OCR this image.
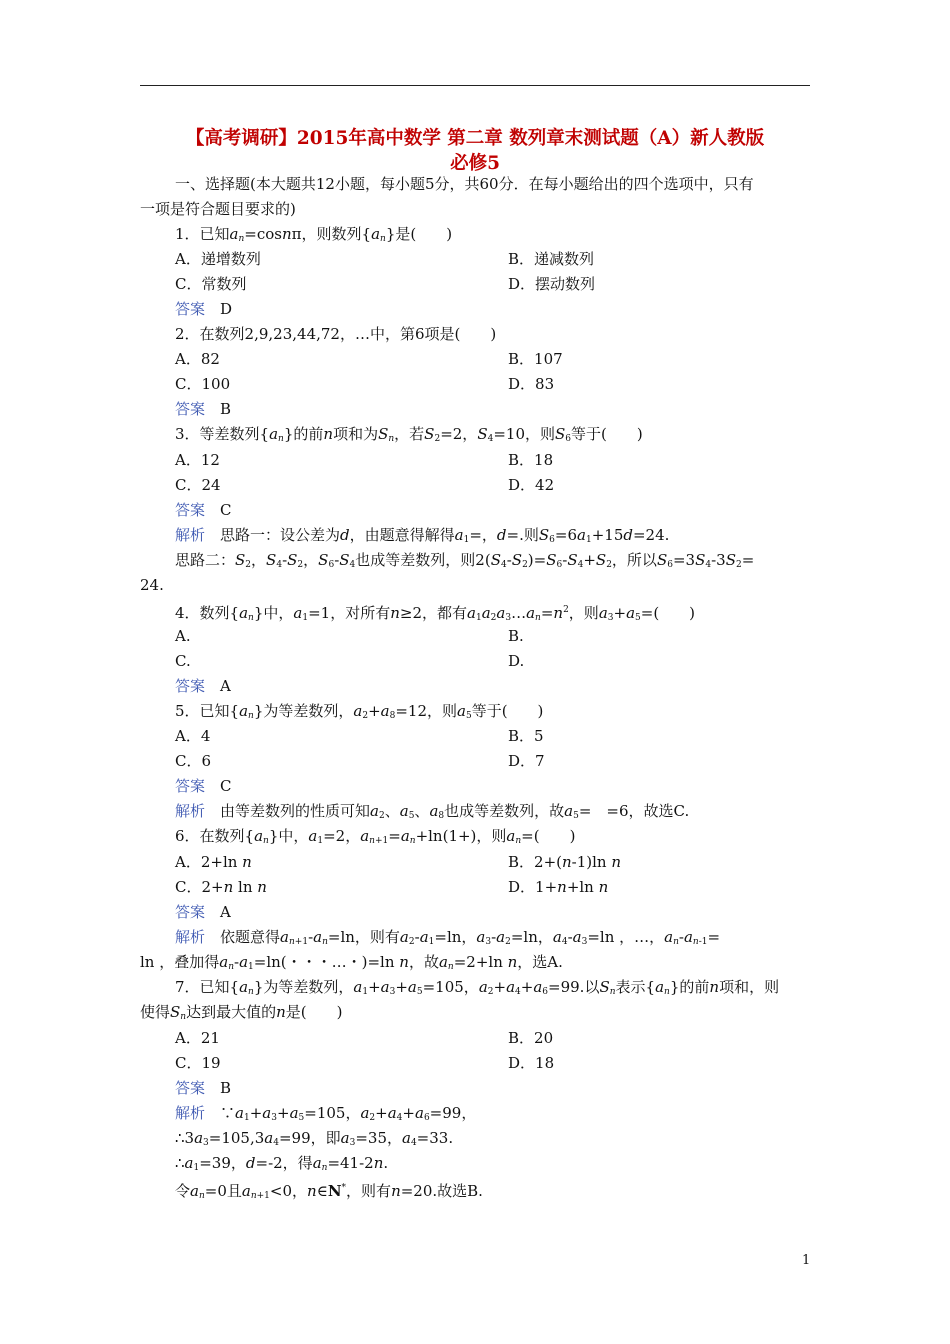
【高考调研】2015年高中数学 第二章 数列章末测试题（A）新人教版
必修5
一、选择题(本大题共12小题，每小题5分，共60分．在每小题给出的四个选项中，只有
一项是符合题目要求的)
1．已知$a_n=\cos n\pi$，则数列$\{a_n\}$是(　　)
A．递增数列	B．递减数列
C．常数列	D．摆动数列
答案　 D
2．在数列2,9,23,44,72，…中，第6项是(　　)
A．82	B．107
C．100	D．83
答案　 B
3．等差数列$\{a_n\}$的前n项和为$S_n$，若$S_2=2$，$S_4=10$，则$S_6$等于(　　)
A．12	B．18
C．24	D．42
答案　 C
解析　思路一：设公差为d，由题意得解得$a_1=$，d=.则$S_6=6a_1+15d=24$.
思路二：$S_2$，$S_4-S_2$，$S_6-S_4$也成等差数列，则$2(S_4-S_2)=S_6-S_4+S_2$，所以$S_6=3S_4-3S_2=$
24.
4．数列$\{a_n\}$中，$a_1=1$，对所有n≥2，都有$a_1a_2a_3\dots a_n=n^2$，则$a_3+a_5=$(　　)
A.	B.
C.	D.
答案　 A
5．已知$\{a_n\}$为等差数列，$a_2+a_8=12$，则$a_5$等于(　　)
A．4	B．5
C．6	D．7
答案　 C
解析　由等差数列的性质可知$a_2$、$a_5$、$a_8$也成等差数列，故$a_5=$　=6，故选C.
6．在数列$\{a_n\}$中，$a_1=2$，$a_{n+1}=a_n+\ln(1+)$，则$a_n=$(　　)
A．2+ln n	B．2+(n-1)ln n
C．2+n ln n	D．1+n+ln n
答案　 A
解析　依题意得$a_{n+1}-a_n=\ln$，则有$a_2-a_1=\ln$，$a_3-a_2=\ln$，$a_4-a_3=\ln$ ，…，$a_n-a_{n-1}=$
ln ，叠加得$a_n-a_1=\ln$(・・・…・)=ln n，故$a_n=2+\ln$ n，选A.
7．已知$\{a_n\}$为等差数列，$a_1+a_3+a_5=105$，$a_2+a_4+a_6=99$.以$S_n$表示$\{a_n\}$的前n项和，则
使得$S_n$达到最大值的n是(　　)
A．21	B．20
C．19	D．18
答案　 B
解析　$\because a_1+a_3+a_5=105$，$a_2+a_4+a_6=99$，
$\therefore 3a_3=105,3a_4=99$，即$a_3=35$，$a_4=33$.
$\therefore a_1=39$，d=-2，得$a_n=41-2n$.
令$a_n=0$且$a_{n+1}<0$，n∈N*，则有n=20.故选B.
1
